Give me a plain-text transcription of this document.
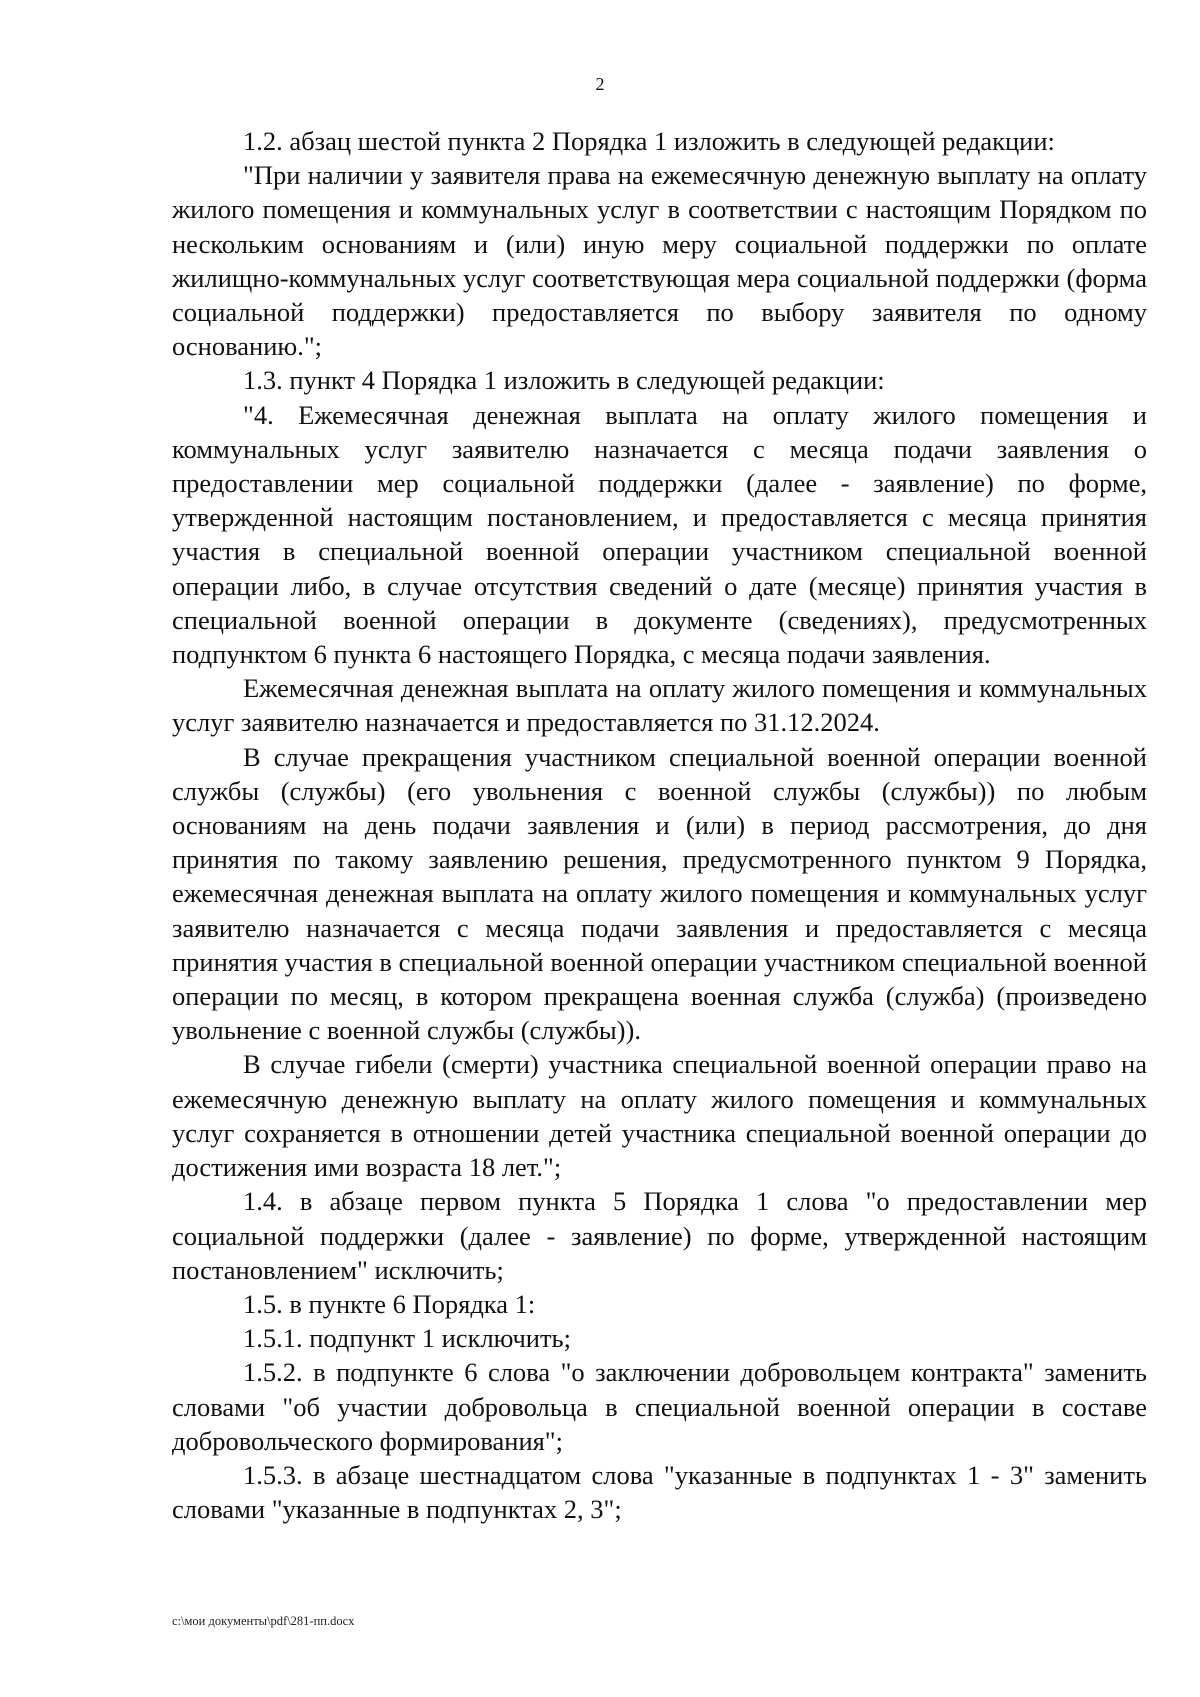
2

1.2. абзац шестой пункта 2 Порядка 1 изложить в следующей редакции:

"При наличии у заявителя права на ежемесячную денежную выплату на оплату жилого помещения и коммунальных услуг в соответствии с настоящим Порядком по нескольким основаниям и (или) иную меру социальной поддержки по оплате жилищно-коммунальных услуг соответствующая мера социальной поддержки (форма социальной поддержки) предоставляется по выбору заявителя по одному основанию.";

1.3. пункт 4 Порядка 1 изложить в следующей редакции:

"4. Ежемесячная денежная выплата на оплату жилого помещения и коммунальных услуг заявителю назначается с месяца подачи заявления о предоставлении мер социальной поддержки (далее - заявление) по форме, утвержденной настоящим постановлением, и предоставляется с месяца принятия участия в специальной военной операции участником специальной военной операции либо, в случае отсутствия сведений о дате (месяце) принятия участия в специальной военной операции в документе (сведениях), предусмотренных подпунктом 6 пункта 6 настоящего Порядка, с месяца подачи заявления.

Ежемесячная денежная выплата на оплату жилого помещения и коммунальных услуг заявителю назначается и предоставляется по 31.12.2024.

В случае прекращения участником специальной военной операции военной службы (службы) (его увольнения с военной службы (службы)) по любым основаниям на день подачи заявления и (или) в период рассмотрения, до дня принятия по такому заявлению решения, предусмотренного пунктом 9 Порядка, ежемесячная денежная выплата на оплату жилого помещения и коммунальных услуг заявителю назначается с месяца подачи заявления и предоставляется с месяца принятия участия в специальной военной операции участником специальной военной операции по месяц, в котором прекращена военная служба (служба) (произведено увольнение с военной службы (службы)).

В случае гибели (смерти) участника специальной военной операции право на ежемесячную денежную выплату на оплату жилого помещения и коммунальных услуг сохраняется в отношении детей участника специальной военной операции до достижения ими возраста 18 лет.";

1.4. в абзаце первом пункта 5 Порядка 1 слова "о предоставлении мер социальной поддержки (далее - заявление) по форме, утвержденной настоящим постановлением" исключить;

1.5. в пункте 6 Порядка 1:

1.5.1. подпункт 1 исключить;

1.5.2. в подпункте 6 слова "о заключении добровольцем контракта" заменить словами "об участии добровольца в специальной военной операции в составе добровольческого формирования";

1.5.3. в абзаце шестнадцатом слова "указанные в подпунктах 1 - 3" заменить словами "указанные в подпунктах 2, 3";

c:\мои документы\pdf\281-пп.docx
